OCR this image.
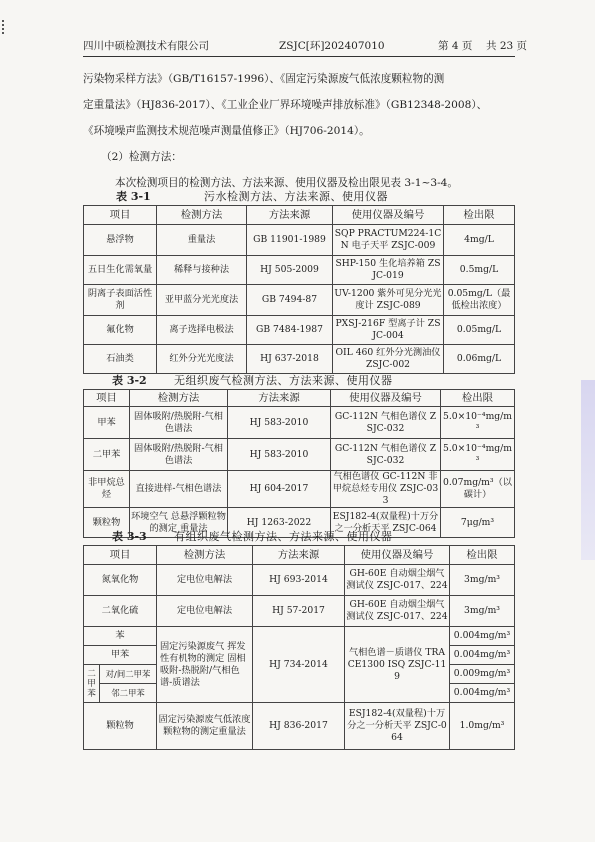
四川中硕检测技术有限公司	ZSJC[环]202407010	第 4 页 共 23 页
污染物采样方法》（GB/T16157-1996）、《固定污染源废气低浓度颗粒物的测
定重量法》（HJ836-2017）、《工业企业厂界环境噪声排放标准》（GB12348-2008）、
《环境噪声监测技术规范噪声测量值修正》（HJ706-2014）。
（2）检测方法：
本次检测项目的检测方法、方法来源、使用仪器及检出限见表 3-1~3-4。
表 3-1	污水检测方法、方法来源、使用仪器
项目	检测方法	方法来源	使用仪器及编号	检出限
悬浮物	重量法	GB 11901-1989	SQP PRACTUM224-1CN 电子天平 ZSJC-009	4mg/L
五日生化需氧量	稀释与接种法	HJ 505-2009	SHP-150 生化培养箱 ZSJC-019	0.5mg/L
阴离子表面活性剂	亚甲蓝分光光度法	GB 7494-87	UV-1200 紫外可见分光光度计 ZSJC-089	0.05mg/L（最低检出浓度）
氟化物	离子选择电极法	GB 7484-1987	PXSJ-216F 型离子计 ZSJC-004	0.05mg/L
石油类	红外分光光度法	HJ 637-2018	OIL 460 红外分光测油仪 ZSJC-002	0.06mg/L
表 3-2 无组织废气检测方法、方法来源、使用仪器
项目	检测方法	方法来源	使用仪器及编号	检出限
甲苯	固体吸附/热脱附-气相色谱法	HJ 583-2010	GC-112N 气相色谱仪 ZSJC-032	5.0×10⁻⁴mg/m³
二甲苯	固体吸附/热脱附-气相色谱法	HJ 583-2010	GC-112N 气相色谱仪 ZSJC-032	5.0×10⁻⁴mg/m³
非甲烷总烃	直接进样-气相色谱法	HJ 604-2017	气相色谱仪 GC-112N 非甲烷总烃专用仪 ZSJC-033	0.07mg/m³（以碳计）
颗粒物	环境空气 总悬浮颗粒物的测定 重量法	HJ 1263-2022	ESJ182-4(双量程)十万分之一分析天平 ZSJC-064	7μg/m³
表 3-3 有组织废气检测方法、方法来源、使用仪器
项目		检测方法	方法来源	使用仪器及编号	检出限
氮氧化物		定电位电解法	HJ 693-2014	GH-60E 自动烟尘烟气测试仪 ZSJC-017、224	3mg/m³
二氧化硫		定电位电解法	HJ 57-2017	GH-60E 自动烟尘烟气测试仪 ZSJC-017、224	3mg/m³
苯		固定污染源废气 挥发性有机物的测定 固相吸附-热脱附/气相色谱-质谱法	HJ 734-2014	气相色谱－质谱仪 TRACE1300 ISQ ZSJC-119	0.004mg/m³
甲苯					0.004mg/m³
二甲苯	对/间二甲苯				0.009mg/m³
	邻二甲苯				0.004mg/m³
颗粒物		固定污染源废气低浓度颗粒物的测定重量法	HJ 836-2017	ESJ182-4(双量程)十万分之一分析天平 ZSJC-064	1.0mg/m³
